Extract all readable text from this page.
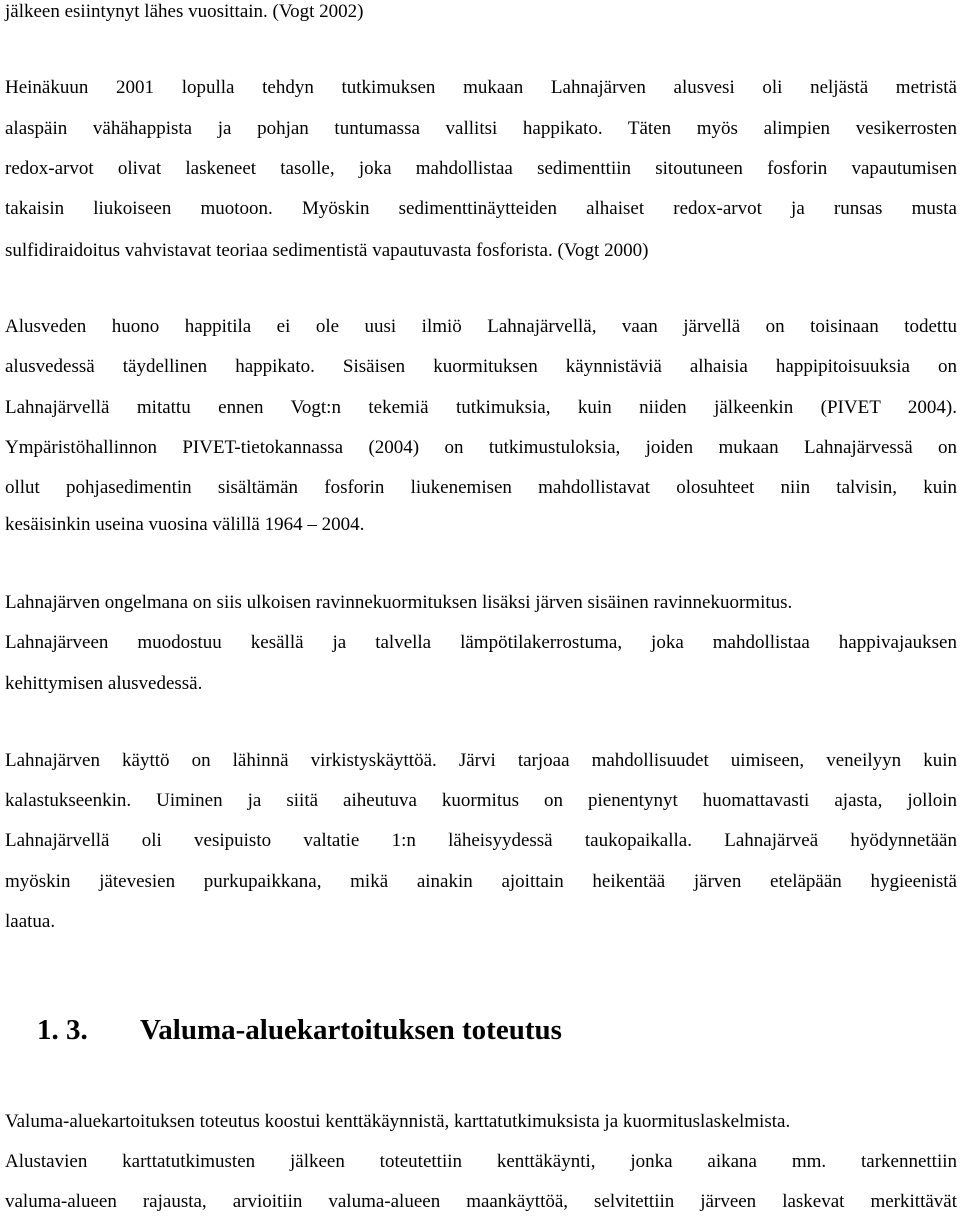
jälkeen esiintynyt lähes vuosittain. (Vogt 2002)
Heinäkuun 2001 lopulla tehdyn tutkimuksen mukaan Lahnajärven alusvesi oli neljästä metristä
alaspäin vähähappista ja pohjan tuntumassa vallitsi happikato. Täten myös alimpien vesikerrosten
redox-arvot olivat laskeneet tasolle, joka mahdollistaa sedimenttiin sitoutuneen fosforin vapautumisen
takaisin liukoiseen muotoon. Myöskin sedimenttinäytteiden alhaiset redox-arvot ja runsas musta
sulfidiraidoitus vahvistavat teoriaa sedimentistä vapautuvasta fosforista. (Vogt 2000)
Alusveden huono happitila ei ole uusi ilmiö Lahnajärvellä, vaan järvellä on toisinaan todettu
alusvedessä täydellinen happikato. Sisäisen kuormituksen käynnistäviä alhaisia happipitoisuuksia on
Lahnajärvellä mitattu ennen Vogt:n tekemiä tutkimuksia, kuin niiden jälkeenkin (PIVET 2004).
Ympäristöhallinnon PIVET-tietokannassa (2004) on tutkimustuloksia, joiden mukaan Lahnajärvessä on
ollut pohjasedimentin sisältämän fosforin liukenemisen mahdollistavat olosuhteet niin talvisin, kuin
kesäisinkin useina vuosina välillä 1964 – 2004.
Lahnajärven ongelmana on siis ulkoisen ravinnekuormituksen lisäksi järven sisäinen ravinnekuormitus.
Lahnajärveen muodostuu kesällä ja talvella lämpötilakerrostuma, joka mahdollistaa happivajauksen
kehittymisen alusvedessä.
Lahnajärven käyttö on lähinnä virkistyskäyttöä. Järvi tarjoaa mahdollisuudet uimiseen, veneilyyn kuin
kalastukseenkin. Uiminen ja siitä aiheutuva kuormitus on pienentynyt huomattavasti ajasta, jolloin
Lahnajärvellä oli vesipuisto valtatie 1:n läheisyydessä taukopaikalla. Lahnajärveä hyödynnetään
myöskin jätevesien purkupaikkana, mikä ainakin ajoittain heikentää järven eteläpään hygieenistä
laatua.
1. 3. Valuma-aluekartoituksen toteutus
Valuma-aluekartoituksen toteutus koostui kenttäkäynnistä, karttatutkimuksista ja kuormituslaskelmista.
Alustavien karttatutkimusten jälkeen toteutettiin kenttäkäynti, jonka aikana mm. tarkennettiin
valuma-alueen rajausta, arvioitiin valuma-alueen maankäyttöä, selvitettiin järveen laskevat merkittävät
